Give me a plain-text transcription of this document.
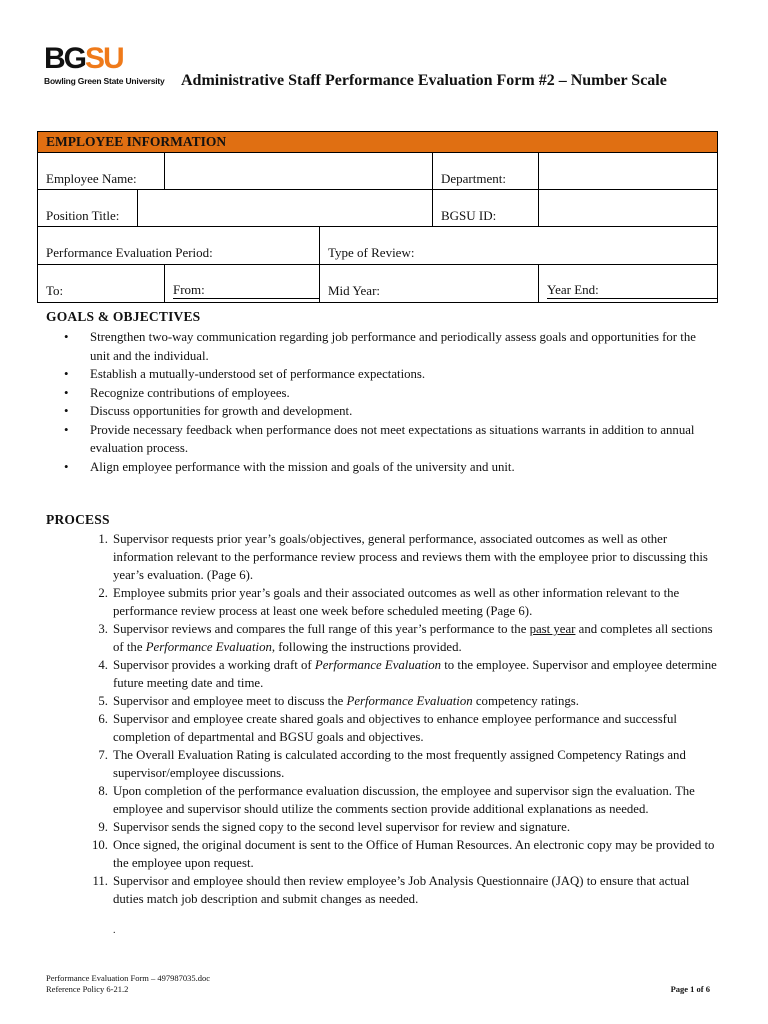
BGSU
Bowling Green State University Administrative Staff Performance Evaluation Form #2 – Number Scale
EMPLOYEE INFORMATION					
Employee Name:				Department:	
Position Title:				BGSU ID:	
Performance Evaluation Period:			Type of Review:		
To:		From:	Mid Year:		Year End:
GOALS & OBJECTIVES
• Strengthen two-way communication regarding job performance and periodically assess goals and opportunities for the unit and the individual.
• Establish a mutually-understood set of performance expectations.
• Recognize contributions of employees.
• Discuss opportunities for growth and development.
• Provide necessary feedback when performance does not meet expectations as situations warrants in addition to annual evaluation process.
• Align employee performance with the mission and goals of the university and unit.
PROCESS
1. Supervisor requests prior year’s goals/objectives, general performance, associated outcomes as well as other information relevant to the performance review process and reviews them with the employee prior to discussing this year’s evaluation. (Page 6).
2. Employee submits prior year’s goals and their associated outcomes as well as other information relevant to the performance review process at least one week before scheduled meeting (Page 6).
3. Supervisor reviews and compares the full range of this year’s performance to the past year and completes all sections of the Performance Evaluation, following the instructions provided.
4. Supervisor provides a working draft of Performance Evaluation to the employee. Supervisor and employee determine future meeting date and time.
5. Supervisor and employee meet to discuss the Performance Evaluation competency ratings.
6. Supervisor and employee create shared goals and objectives to enhance employee performance and successful completion of departmental and BGSU goals and objectives.
7. The Overall Evaluation Rating is calculated according to the most frequently assigned Competency Ratings and supervisor/employee discussions.
8. Upon completion of the performance evaluation discussion, the employee and supervisor sign the evaluation. The employee and supervisor should utilize the comments section provide additional explanations as needed.
9. Supervisor sends the signed copy to the second level supervisor for review and signature.
10. Once signed, the original document is sent to the Office of Human Resources. An electronic copy may be provided to the employee upon request.
11. Supervisor and employee should then review employee’s Job Analysis Questionnaire (JAQ) to ensure that actual duties match job description and submit changes as needed.
.
Performance Evaluation Form – 497987035.doc
Reference Policy 6-21.2	Page 1 of 6
